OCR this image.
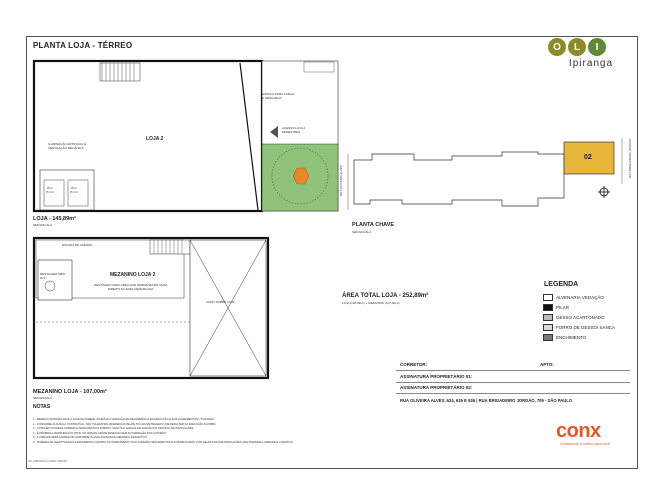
PLANTA LOJA - TÉRREO	O	L	I
Ipiranga
LOJA 2
ESPAÇO PARA CARGA
E DESCARGA
ACESSO LOJA 2
PEDESTRES
ILUMINAÇÃO ARTIFICIAL E
VENTILAÇÃO MECÂNICA
W.C.
P.C.D.
W.C.
P.C.D.
LOJA - 145,89m²
SEM ESCALA
MEZANINO LOJA 2
DESTINADO PARA AREA QUE PERMANECER VAZIA
DIREITO NA AREA DEMARCADA
VAZIO SOBRE LOJA
RESTAURATÓRIO
W.C.
ESCADA DE ACESSO
MEZANINO LOJA - 107,00m²
SEM ESCALA
02
RUA OLIVEIRA ALVES
RUA BRIGADEIRO JORDÃO
PLANTA CHAVE
SEM ESCALA
ÁREA TOTAL LOJA - 252,89m²
LOJA (145,89m²) + MEZANINO (107,00m²)
LEGENDA
ALVENARIA VEDAÇÃO
PILAR
GESSO ACARTONADO
FORRO DE GESSO/ SANCA
ENCHIMENTO
CORRETOR:	APTO:
ASSINATURA PROPRIETÁRIO 01:
ASSINATURA PROPRIETÁRIO 02:
RUA OLIVEIRA ALVES, 624, 626 E 636 | RUA BRIGADEIRO JORDÃO, 709 - SÃO PAULO
NOTAS
1 - MEDIDAS INTERNAS FACE A FACE DE PAREDE, SUJEITAS A VARIAÇÃO EM DECORRÊNCIA DA EXECUÇÃO E DOS ACABAMENTOS UTILIZADOS;
2 - CONFORME CLÁUSULA CONTRATUAL, SÃO TOLERÁVEIS DIFERENÇAS DE ATÉ 5% NAS METRAGENS QUE RESULTEM DA EXECUÇÃO DA OBRA;
3 - O PROJETO PODERÁ SOFRER ALTERAÇÕES NOS FORROS, SHAFTS E SANCAS EM FUNÇÃO DO PROJETO DE INSTALAÇÕES;
4 - É PROIBIDA A REPRODUÇÃO TOTAL OU PARCIAL DESTE DESENHO SEM AUTORIZAÇÃO DOS AUTORES;
5 - A UNIDADE SERÁ ENTREGUE CONFORME PLANTA ASSINADA E MEMORIAL DESCRITIVO;
6 - PAREDES DE SHAFT/SANCAS E ENCHIMENTO CENTRO DO APARTAMENTO NÃO PODERÃO SER REMOVIDOS E MODIFICADOS, POIS NELES PASSAM INSTALAÇÕES QUE ATENDEM A UNIDADE E O EDIFÍCIO.
conx
Construindo a melhor para você
OLI_IPIRANGA / LOJA02 / REV.00
